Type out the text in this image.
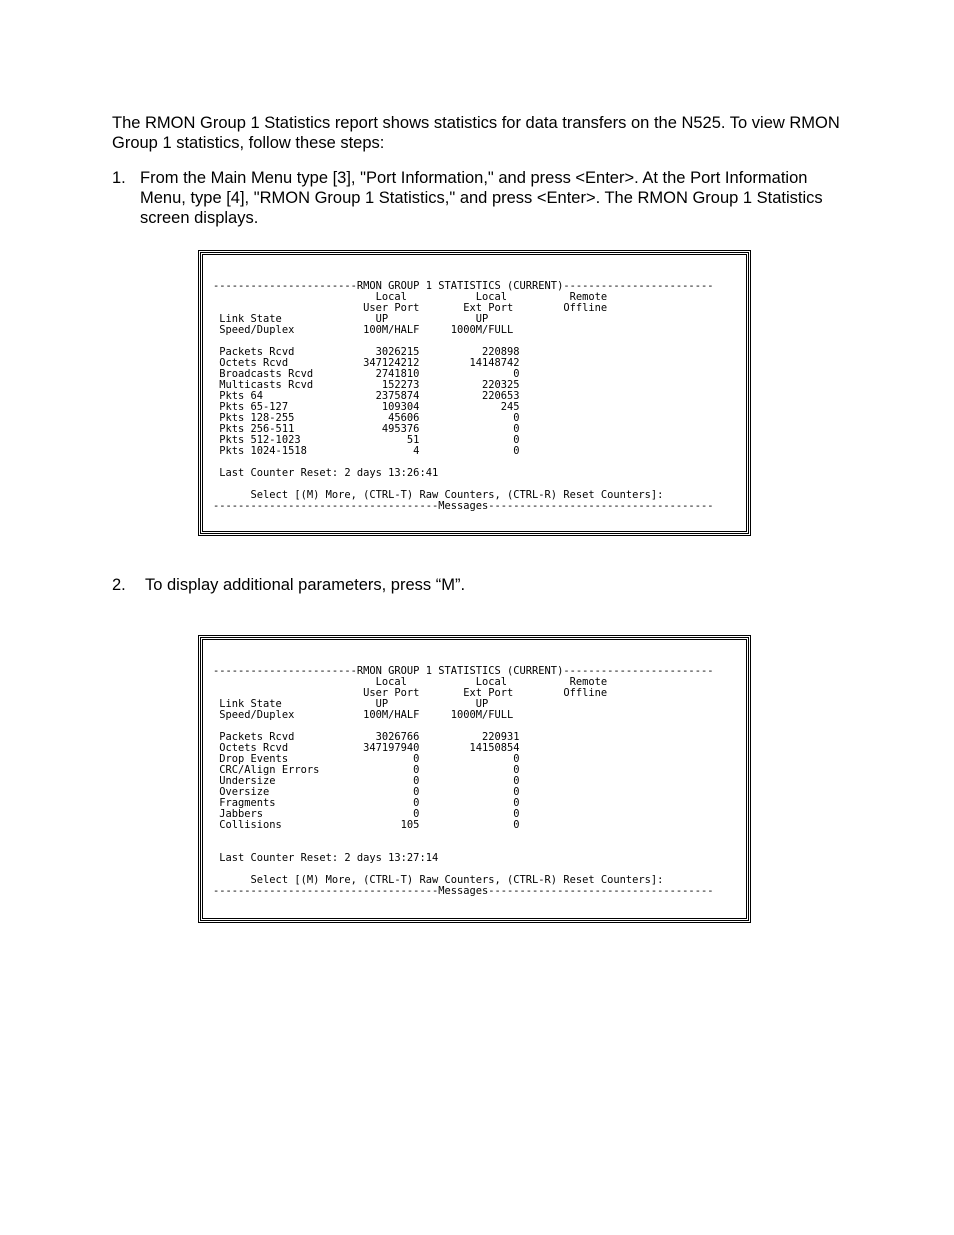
The RMON Group 1 Statistics report shows statistics for data transfers on the N525. To view RMON Group 1 statistics, follow these steps:
1. From the Main Menu type [3], "Port Information," and press <Enter>. At the Port Information Menu, type [4], "RMON Group 1 Statistics," and press <Enter>. The RMON Group 1 Statistics screen displays.
-----------------------RMON GROUP 1 STATISTICS (CURRENT)------------------------
Local           Local          Remote
User Port       Ext Port        Offline
Link State               UP              UP
Speed/Duplex           100M/HALF     1000M/FULL

Packets Rcvd             3026215          220898
Octets Rcvd            347124212        14148742
Broadcasts Rcvd          2741810               0
Multicasts Rcvd           152273          220325
Pkts 64                  2375874          220653
Pkts 65-127               109304             245
Pkts 128-255               45606               0
Pkts 256-511              495376               0
Pkts 512-1023                 51               0
Pkts 1024-1518                 4               0

Last Counter Reset: 2 days 13:26:41

Select [(M) More, (CTRL-T) Raw Counters, (CTRL-R) Reset Counters]:
------------------------------------Messages------------------------------------

2. To display additional parameters, press “M”.
-----------------------RMON GROUP 1 STATISTICS (CURRENT)------------------------
Local           Local          Remote
User Port       Ext Port        Offline
Link State               UP              UP
Speed/Duplex           100M/HALF     1000M/FULL

Packets Rcvd             3026766          220931
Octets Rcvd            347197940        14150854
Drop Events                    0               0
CRC/Align Errors               0               0
Undersize                      0               0
Oversize                       0               0
Fragments                      0               0
Jabbers                        0               0
Collisions                   105               0

Last Counter Reset: 2 days 13:27:14

Select [(M) More, (CTRL-T) Raw Counters, (CTRL-R) Reset Counters]:
------------------------------------Messages------------------------------------
